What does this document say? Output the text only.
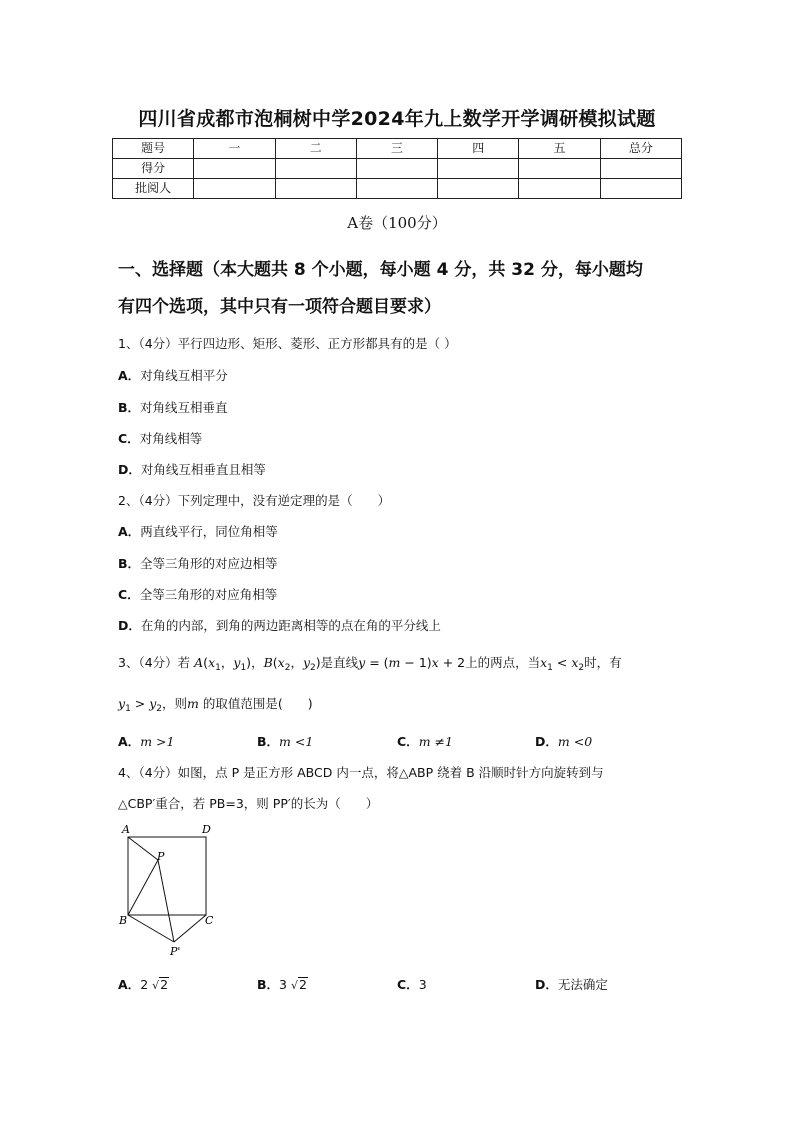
四川省成都市泡桐树中学2024年九上数学开学调研模拟试题
题号	一	二	三	四	五	总分
得分						
批阅人						
A卷（100分）
一、选择题（本大题共 8 个小题，每小题 4 分，共 32 分，每小题均
有四个选项，其中只有一项符合题目要求）
1、（4分）平行四边形、矩形、菱形、正方形都具有的是（ ）
A．对角线互相平分
B．对角线互相垂直
C．对角线相等
D．对角线互相垂直且相等
2、（4分）下列定理中，没有逆定理的是（　　）
A．两直线平行，同位角相等
B．全等三角形的对应边相等
C．全等三角形的对应角相等
D．在角的内部，到角的两边距离相等的点在角的平分线上
3、（4分）若 $A(x_1$，$y_1$)，$B(x_2$，$y_2$)是直线y = (m − 1)x + 2上的两点，当$x_1 < x_2$时，有
$y_1 > y_2$，则m 的取值范围是(　　)
A．m >1	B．m <1	C．m ≠1	D．m <0
4、（4分）如图，点 P 是正方形 ABCD 内一点，将△ABP 绕着 B 沿顺时针方向旋转到与
△CBP′重合，若 PB=3，则 PP′的长为（　　）
A	D
P
B	C
P'
A．2 √2	B．3 √2	C．3	D．无法确定
